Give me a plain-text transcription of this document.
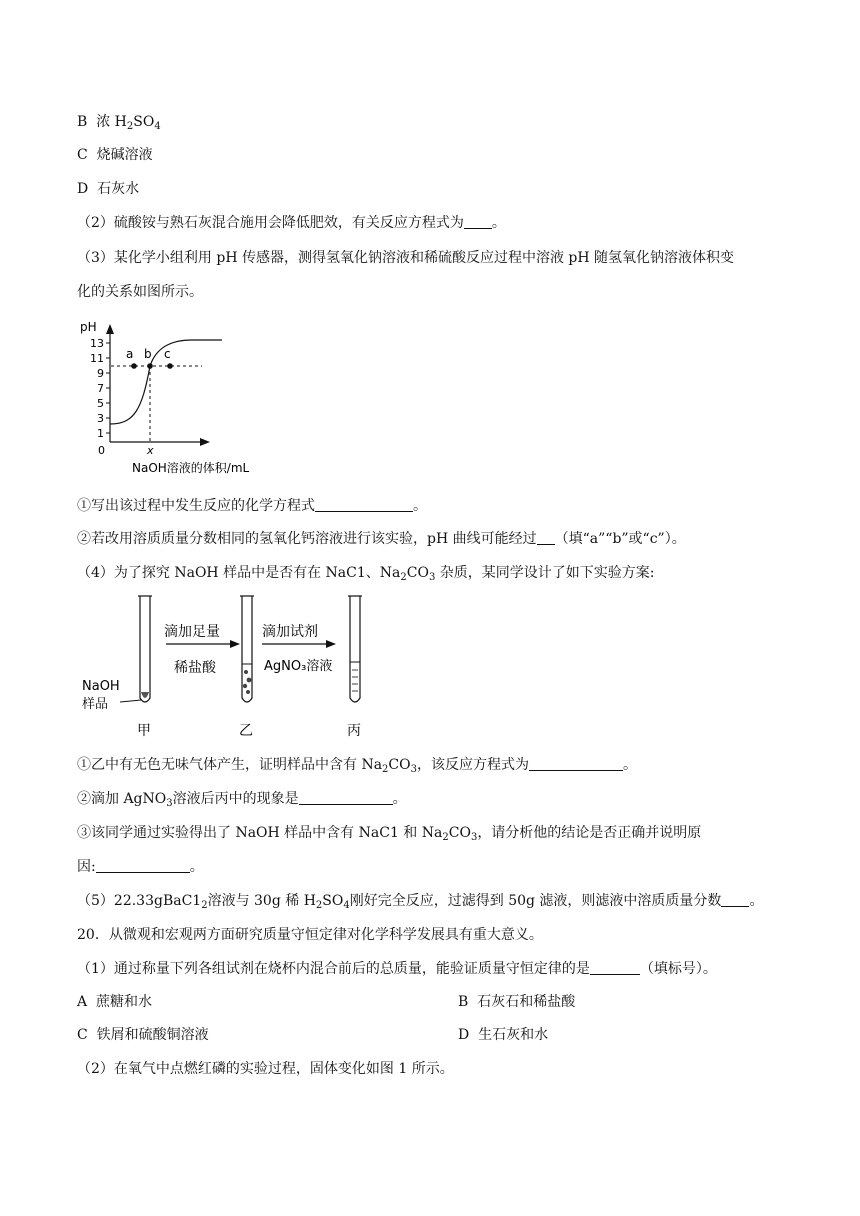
B 浓 $H_2SO_4$
C 烧碱溶液
D 石灰水
（2）硫酸铵与熟石灰混合施用会降低肥效，有关反应方程式为 。
（3）某化学小组利用 pH 传感器，测得氢氧化钠溶液和稀硫酸反应过程中溶液 pH 随氢氧化钠溶液体积变
化的关系如图所示。
pH
13
11
9
7
5
3
1
0
a b c
x
NaOH溶液的体积/mL
①写出该过程中发生反应的化学方程式	。
②若改用溶质质量分数相同的氢氧化钙溶液进行该实验，pH 曲线可能经过 （填“a”“b”或“c”）。
（4）为了探究 NaOH 样品中是否有在 NaC1、$Na_2CO_3$ 杂质，某同学设计了如下实验方案:
滴加足量
稀盐酸
滴加试剂
AgNO₃溶液
NaOH
样品
甲	乙	丙
①乙中有无色无味气体产生，证明样品中含有 $Na_2CO_3$，该反应方程式为	。
②滴加 AgNO$_3$溶液后丙中的现象是	。
③该同学通过实验得出了 NaOH 样品中含有 NaC1 和 $Na_2CO_3$，请分析他的结论是否正确并说明原
因:	。
$(5)22.33gBaC1_2$溶液与 30g 稀 $H_2SO_4$刚好完全反应，过滤得到 50g 滤液，则滤液中溶质质量分数 。
20．从微观和宏观两方面研究质量守恒定律对化学科学发展具有重大意义。
（1）通过称量下列各组试剂在烧杯内混合前后的总质量，能验证质量守恒定律的是	（填标号）。
A 蔗糖和水	B 石灰石和稀盐酸
C 铁屑和硫酸铜溶液	D 生石灰和水
（2）在氧气中点燃红磷的实验过程，固体变化如图 1 所示。
